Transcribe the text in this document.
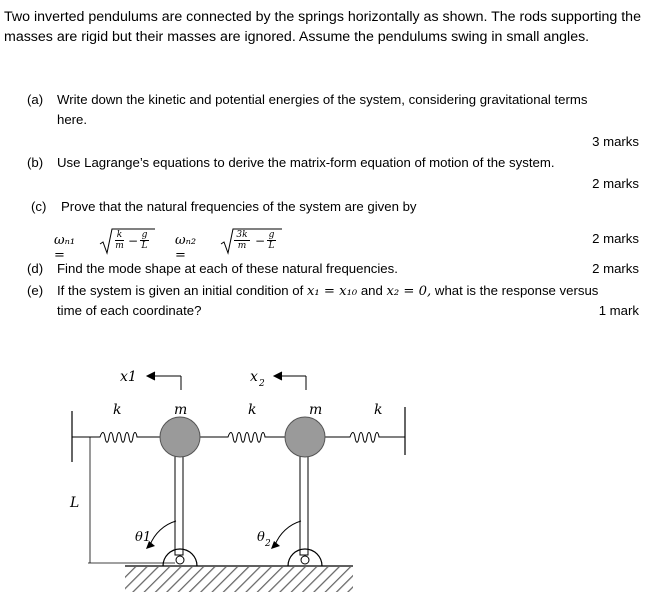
Two inverted pendulums are connected by the springs horizontally as shown. The rods supporting the masses are rigid but their masses are ignored. Assume the pendulums swing in small angles.
(a) Write down the kinetic and potential energies of the system, considering gravitational terms
here.
3 marks
(b) Use Lagrange’s equations to derive the matrix-form equation of motion of the system.
2 marks
(c) Prove that the natural frequencies of the system are given by
2 marks
ωₙ₁ =
$\frac{k}{m} - \frac{g}{L} \omega_{n2}$ =
$\frac{3k}{m} - \frac{g}{L}$
(d) Find the mode shape at each of these natural frequencies.	2 marks
(e) If the system is given an initial condition of x₁ = x₁₀ and x₂ = 0, what is the response versus
time of each coordinate?	1 mark
x1	x 2
k	m	k	m	k
L
θ1	θ 2
